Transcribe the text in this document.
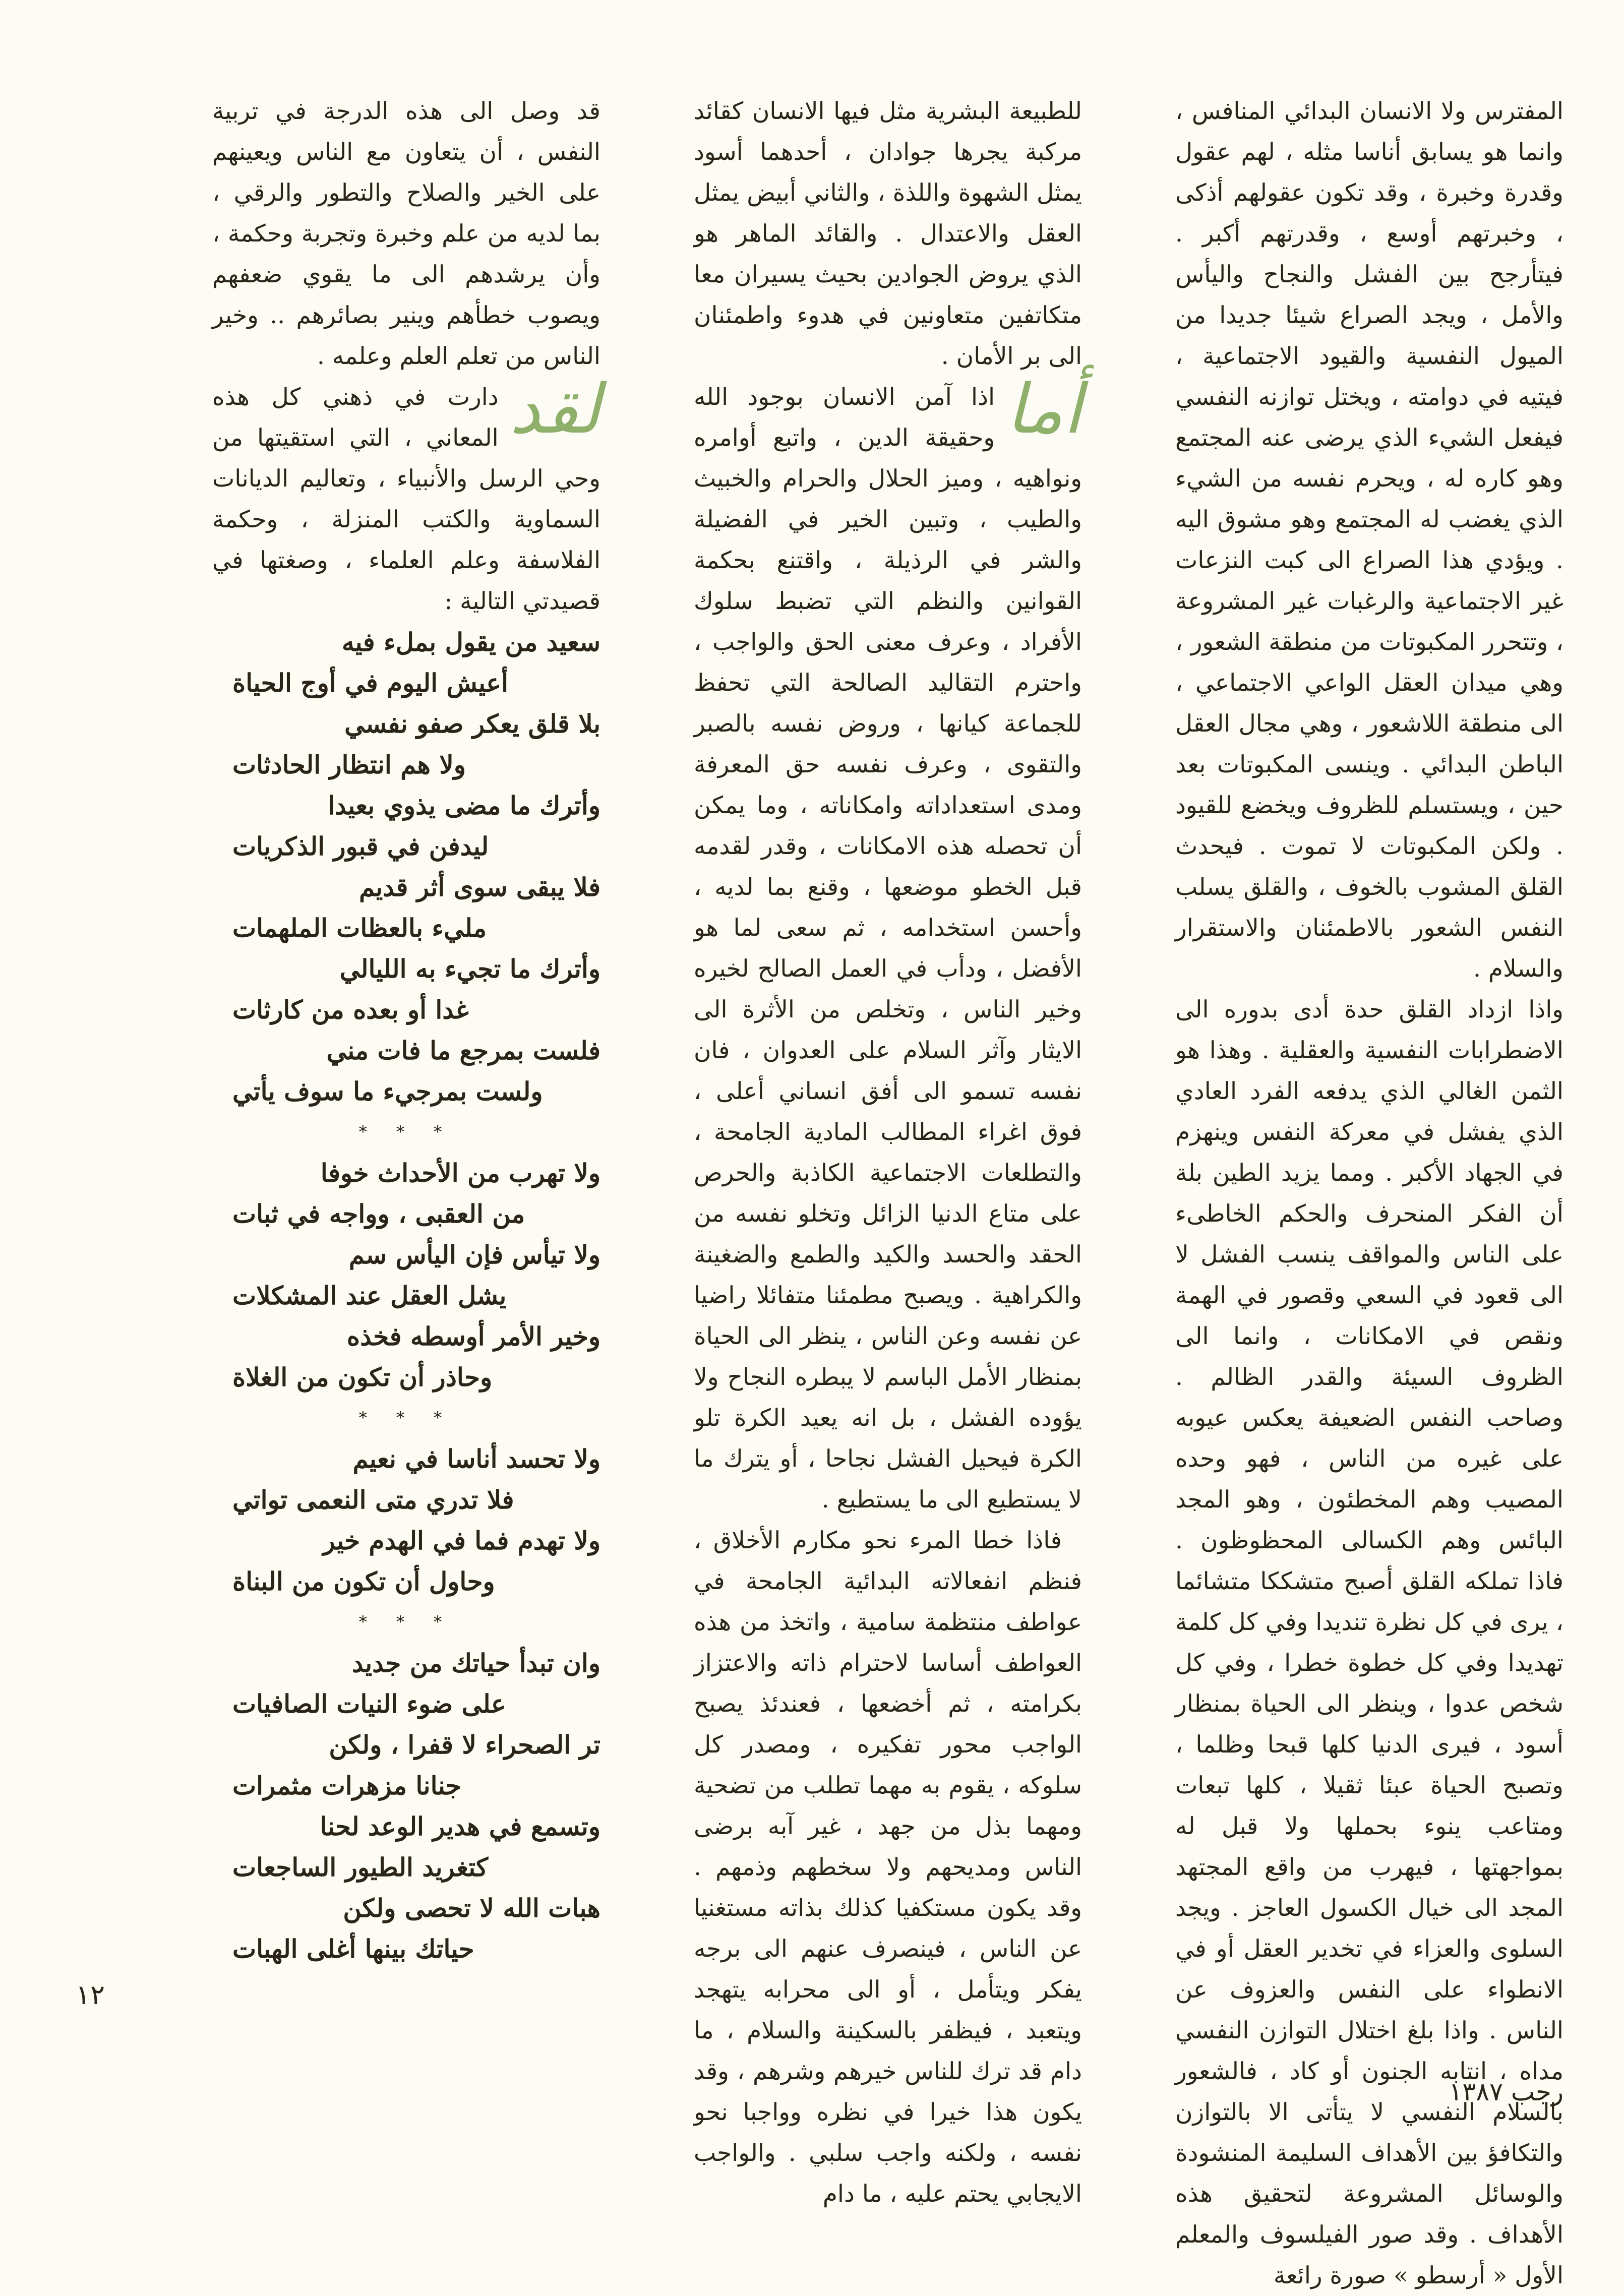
المفترس ولا الانسان البدائي المنافس ، وانما هو يسابق أناسا مثله ، لهم عقول وقدرة وخبرة ، وقد تكون عقولهم أذكى ، وخبرتهم أوسع ، وقدرتهم أكبر . فيتأرجح بين الفشل والنجاح واليأس والأمل ، ويجد الصراع شيئا جديدا من الميول النفسية والقيود الاجتماعية ، فيتيه في دوامته ، ويختل توازنه النفسي فيفعل الشيء الذي يرضى عنه المجتمع وهو كاره له ، ويحرم نفسه من الشيء الذي يغضب له المجتمع وهو مشوق اليه . ويؤدي هذا الصراع الى كبت النزعات غير الاجتماعية والرغبات غير المشروعة ، وتتحرر المكبوتات من منطقة الشعور ، وهي ميدان العقل الواعي الاجتماعي ، الى منطقة اللاشعور ، وهي مجال العقل الباطن البدائي . وينسى المكبوتات بعد حين ، ويستسلم للظروف ويخضع للقيود . ولكن المكبوتات لا تموت . فيحدث القلق المشوب بالخوف ، والقلق يسلب النفس الشعور بالاطمئنان والاستقرار والسلام .

واذا ازداد القلق حدة أدى بدوره الى الاضطرابات النفسية والعقلية . وهذا هو الثمن الغالي الذي يدفعه الفرد العادي الذي يفشل في معركة النفس وينهزم في الجهاد الأكبر . ومما يزيد الطين بلة أن الفكر المنحرف والحكم الخاطىء على الناس والمواقف ينسب الفشل لا الى قعود في السعي وقصور في الهمة ونقص في الامكانات ، وانما الى الظروف السيئة والقدر الظالم . وصاحب النفس الضعيفة يعكس عيوبه على غيره من الناس ، فهو وحده المصيب وهم المخطئون ، وهو المجد البائس وهم الكسالى المحظوظون . فاذا تملكه القلق أصبح متشككا متشائما ، يرى في كل نظرة تنديدا وفي كل كلمة تهديدا وفي كل خطوة خطرا ، وفي كل شخص عدوا ، وينظر الى الحياة بمنظار أسود ، فيرى الدنيا كلها قبحا وظلما ، وتصبح الحياة عبئا ثقيلا ، كلها تبعات ومتاعب ينوء بحملها ولا قبل له بمواجهتها ، فيهرب من واقع المجتهد المجد الى خيال الكسول العاجز . ويجد السلوى والعزاء في تخدير العقل أو في الانطواء على النفس والعزوف عن الناس . واذا بلغ اختلال التوازن النفسي مداه ، انتابه الجنون أو كاد ، فالشعور بالسلام النفسي لا يتأتى الا بالتوازن والتكافؤ بين الأهداف السليمة المنشودة والوسائل المشروعة لتحقيق هذه الأهداف . وقد صور الفيلسوف والمعلم الأول « أرسطو » صورة رائعة

للطبيعة البشرية مثل فيها الانسان كقائد مركبة يجرها جوادان ، أحدهما أسود يمثل الشهوة واللذة ، والثاني أبيض يمثل العقل والاعتدال . والقائد الماهر هو الذي يروض الجوادين بحيث يسيران معا متكاتفين متعاونين في هدوء واطمئنان الى بر الأمان .

أما
اذا آمن الانسان بوجود الله وحقيقة الدين ، واتبع أوامره ونواهيه ، وميز الحلال والحرام والخبيث والطيب ، وتبين الخير في الفضيلة والشر في الرذيلة ، واقتنع بحكمة القوانين والنظم التي تضبط سلوك الأفراد ، وعرف معنى الحق والواجب ، واحترم التقاليد الصالحة التي تحفظ للجماعة كيانها ، وروض نفسه بالصبر والتقوى ، وعرف نفسه حق المعرفة ومدى استعداداته وامكاناته ، وما يمكن أن تحصله هذه الامكانات ، وقدر لقدمه قبل الخطو موضعها ، وقنع بما لديه ، وأحسن استخدامه ، ثم سعى لما هو الأفضل ، ودأب في العمل الصالح لخيره وخير الناس ، وتخلص من الأثرة الى الايثار وآثر السلام على العدوان ، فان نفسه تسمو الى أفق انساني أعلى ، فوق اغراء المطالب المادية الجامحة ، والتطلعات الاجتماعية الكاذبة والحرص على متاع الدنيا الزائل وتخلو نفسه من الحقد والحسد والكيد والطمع والضغينة والكراهية . ويصبح مطمئنا متفائلا راضيا عن نفسه وعن الناس ، ينظر الى الحياة بمنظار الأمل الباسم لا يبطره النجاح ولا يؤوده الفشل ، بل انه يعيد الكرة تلو الكرة فيحيل الفشل نجاحا ، أو يترك ما لا يستطيع الى ما يستطيع .

فاذا خطا المرء نحو مكارم الأخلاق ، فنظم انفعالاته البدائية الجامحة في عواطف منتظمة سامية ، واتخذ من هذه العواطف أساسا لاحترام ذاته والاعتزاز بكرامته ، ثم أخضعها ، فعندئذ يصبح الواجب محور تفكيره ، ومصدر كل سلوكه ، يقوم به مهما تطلب من تضحية ومهما بذل من جهد ، غير آبه برضى الناس ومديحهم ولا سخطهم وذمهم . وقد يكون مستكفيا كذلك بذاته مستغنيا عن الناس ، فينصرف عنهم الى برجه يفكر ويتأمل ، أو الى محرابه يتهجد ويتعبد ، فيظفر بالسكينة والسلام ، ما دام قد ترك للناس خيرهم وشرهم ، وقد يكون هذا خيرا في نظره وواجبا نحو نفسه ، ولكنه واجب سلبي . والواجب الايجابي يحتم عليه ، ما دام

قد وصل الى هذه الدرجة في تربية النفس ، أن يتعاون مع الناس ويعينهم على الخير والصلاح والتطور والرقي ، بما لديه من علم وخبرة وتجربة وحكمة ، وأن يرشدهم الى ما يقوي ضعفهم ويصوب خطأهم وينير بصائرهم .. وخير الناس من تعلم العلم وعلمه .

لقد
دارت في ذهني كل هذه المعاني ، التي استقيتها من وحي الرسل والأنبياء ، وتعاليم الديانات السماوية والكتب المنزلة ، وحكمة الفلاسفة وعلم العلماء ، وصغتها في قصيدتي التالية :

سعيد من يقول بملء فيه
أعيش اليوم في أوج الحياة
بلا قلق يعكر صفو نفسي
ولا هم انتظار الحادثات
وأترك ما مضى يذوي بعيدا
ليدفن في قبور الذكريات
فلا يبقى سوى أثر قديم
مليء بالعظات الملهمات
وأترك ما تجيء به الليالي
غدا أو بعده من كارثات
فلست بمرجع ما فات مني
ولست بمرجيء ما سوف يأتي
* * *
ولا تهرب من الأحداث خوفا
من العقبى ، وواجه في ثبات
ولا تيأس فإن اليأس سم
يشل العقل عند المشكلات
وخير الأمر أوسطه فخذه
وحاذر أن تكون من الغلاة
* * *
ولا تحسد أناسا في نعيم
فلا تدري متى النعمى تواتي
ولا تهدم فما في الهدم خير
وحاول أن تكون من البناة
* * *
وان تبدأ حياتك من جديد
على ضوء النيات الصافيات
تر الصحراء لا قفرا ، ولكن
جنانا مزهرات مثمرات
وتسمع في هدير الوعد لحنا
كتغريد الطيور الساجعات
هبات الله لا تحصى ولكن
حياتك بينها أغلى الهبات
١٢
رجب ١٣٨٧
